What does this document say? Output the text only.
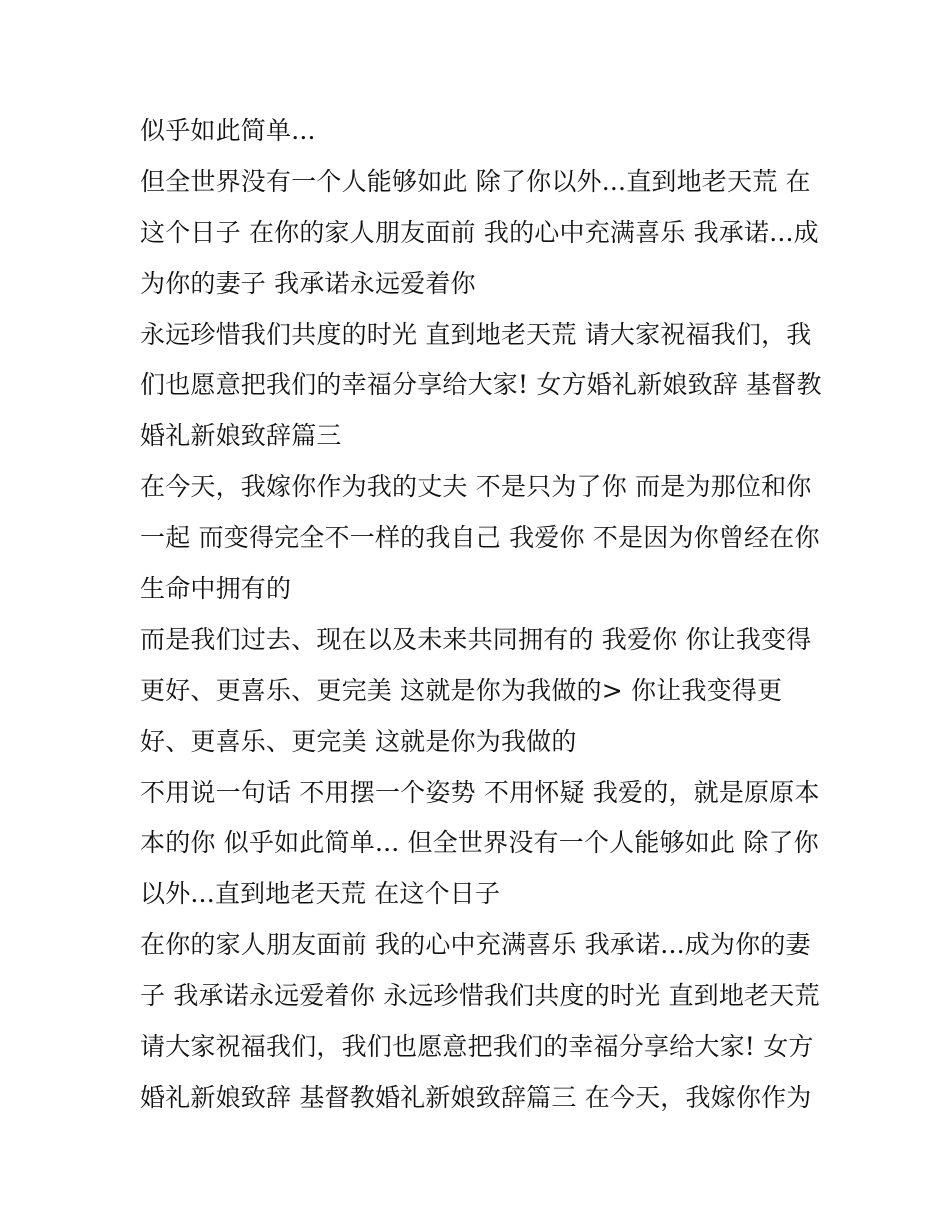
似乎如此简单...
但全世界没有一个人能够如此 除了你以外...直到地老天荒 在
这个日子 在你的家人朋友面前 我的心中充满喜乐 我承诺...成
为你的妻子 我承诺永远爱着你
永远珍惜我们共度的时光 直到地老天荒 请大家祝福我们，我
们也愿意把我们的幸福分享给大家! 女方婚礼新娘致辞 基督教
婚礼新娘致辞篇三
在今天，我嫁你作为我的丈夫 不是只为了你 而是为那位和你
一起 而变得完全不一样的我自己 我爱你 不是因为你曾经在你
生命中拥有的
而是我们过去、现在以及未来共同拥有的 我爱你 你让我变得
更好、更喜乐、更完美 这就是你为我做的> 你让我变得更
好、更喜乐、更完美 这就是你为我做的
不用说一句话 不用摆一个姿势 不用怀疑 我爱的，就是原原本
本的你 似乎如此简单... 但全世界没有一个人能够如此 除了你
以外...直到地老天荒 在这个日子
在你的家人朋友面前 我的心中充满喜乐 我承诺...成为你的妻
子 我承诺永远爱着你 永远珍惜我们共度的时光 直到地老天荒
请大家祝福我们，我们也愿意把我们的幸福分享给大家! 女方
婚礼新娘致辞 基督教婚礼新娘致辞篇三 在今天，我嫁你作为
